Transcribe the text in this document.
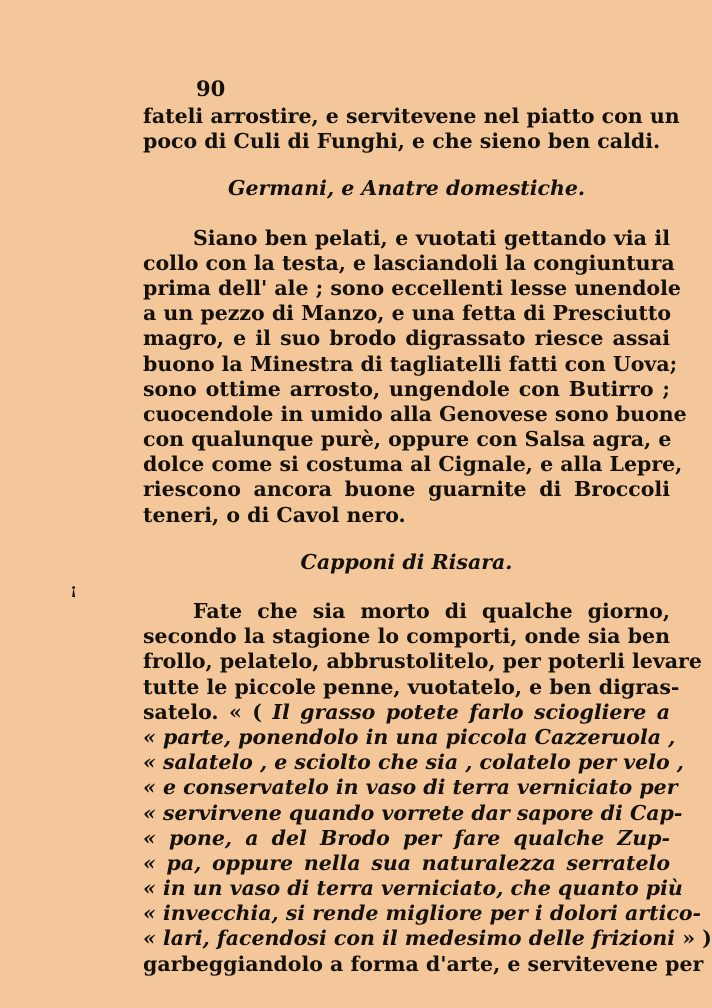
90
ꜟ
fateli arrostire, e servitevene nel piatto con un
poco di Culi di Funghi, e che sieno ben caldi.
Germani, e Anatre domestiche.
Siano ben pelati, e vuotati gettando via il
collo con la testa, e lasciandoli la congiuntura
prima dell' ale ; sono eccellenti lesse unendole
a un pezzo di Manzo, e una fetta di Presciutto
magro, e il suo brodo digrassato riesce assai
buono la Minestra di tagliatelli fatti con Uova;
sono ottime arrosto, ungendole con Butirro ;
cuocendole in umido alla Genovese sono buone
con qualunque purè, oppure con Salsa agra, e
dolce come si costuma al Cignale, e alla Lepre,
riescono ancora buone guarnite di Broccoli
teneri, o di Cavol nero.
Capponi di Risara.
Fate che sia morto di qualche giorno,
secondo la stagione lo comporti, onde sia ben
frollo, pelatelo, abbrustolitelo, per poterli levare
tutte le piccole penne, vuotatelo, e ben digras-
satelo. « ( Il grasso potete farlo sciogliere a
« parte, ponendolo in una piccola Cazzeruola ,
« salatelo , e sciolto che sia , colatelo per velo ,
« e conservatelo in vaso di terra verniciato per
« servirvene quando vorrete dar sapore di Cap-
« pone, a del Brodo per fare qualche Zup-
« pa, oppure nella sua naturalezza serratelo
« in un vaso di terra verniciato, che quanto più
« invecchia, si rende migliore per i dolori artico-
« lari, facendosi con il medesimo delle frizioni » )
garbeggiandolo a forma d'arte, e servitevene per
